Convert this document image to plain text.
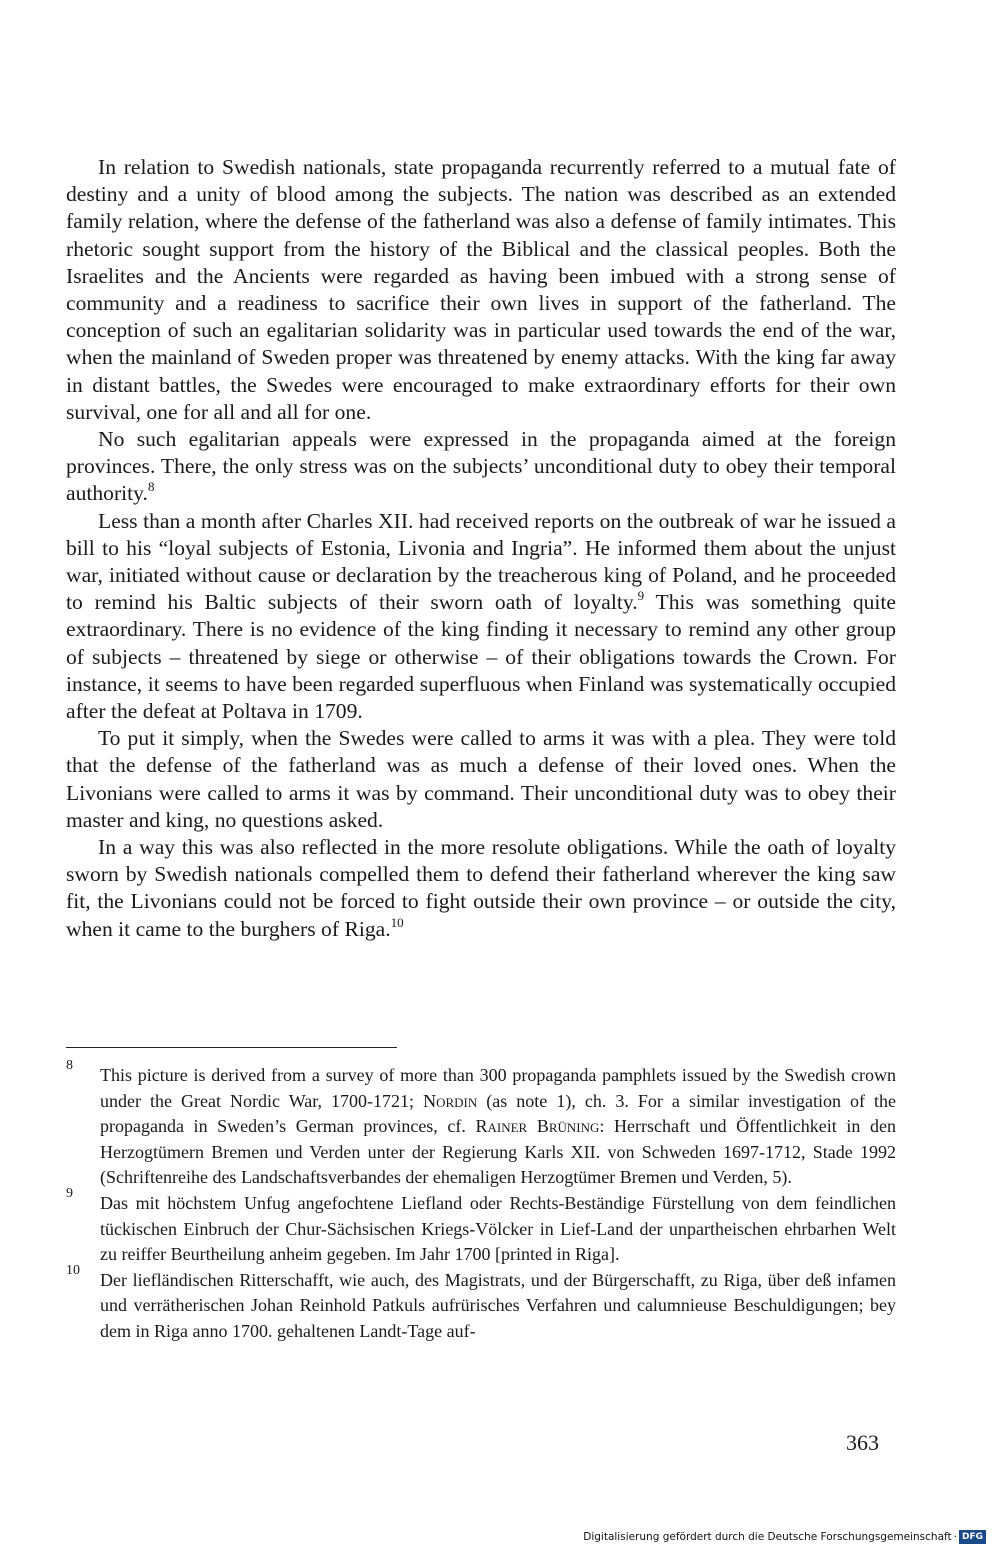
In relation to Swedish nationals, state propaganda recurrently referred to a mutual fate of destiny and a unity of blood among the subjects. The nation was described as an extended family relation, where the defense of the fatherland was also a defense of family intimates. This rhetoric sought support from the history of the Biblical and the classical peoples. Both the Israelites and the Ancients were regarded as having been imbued with a strong sense of community and a readiness to sacrifice their own lives in support of the fatherland. The conception of such an egalitarian solidarity was in particular used towards the end of the war, when the mainland of Sweden proper was threatened by enemy attacks. With the king far away in distant battles, the Swedes were encouraged to make extraordinary efforts for their own survival, one for all and all for one.

No such egalitarian appeals were expressed in the propaganda aimed at the foreign provinces. There, the only stress was on the subjects’ unconditional duty to obey their temporal authority.$^8$

Less than a month after Charles XII. had received reports on the outbreak of war he issued a bill to his “loyal subjects of Estonia, Livonia and Ingria”. He informed them about the unjust war, initiated without cause or declaration by the treacherous king of Poland, and he proceeded to remind his Baltic subjects of their sworn oath of loyalty.$^9$ This was something quite extraordinary. There is no evidence of the king finding it necessary to remind any other group of subjects – threatened by siege or otherwise – of their obligations towards the Crown. For instance, it seems to have been regarded superfluous when Finland was systematically occupied after the defeat at Poltava in 1709.

To put it simply, when the Swedes were called to arms it was with a plea. They were told that the defense of the fatherland was as much a defense of their loved ones. When the Livonians were called to arms it was by command. Their unconditional duty was to obey their master and king, no questions asked.

In a way this was also reflected in the more resolute obligations. While the oath of loyalty sworn by Swedish nationals compelled them to defend their fatherland wherever the king saw fit, the Livonians could not be forced to fight outside their own province – or outside the city, when it came to the burghers of Riga.$^{10}$

8 This picture is derived from a survey of more than 300 propaganda pamphlets issued by the Swedish crown under the Great Nordic War, 1700-1721; Nordin (as note 1), ch. 3. For a similar investigation of the propaganda in Sweden’s German provinces, cf. Rainer Brüning: Herrschaft und Öffentlichkeit in den Herzogtümern Bremen und Verden unter der Regierung Karls XII. von Schweden 1697-1712, Stade 1992 (Schriftenreihe des Landschaftsverbandes der ehemaligen Herzogtümer Bremen und Verden, 5).

9 Das mit höchstem Unfug angefochtene Liefland oder Rechts-Beständige Fürstellung von dem feindlichen tückischen Einbruch der Chur-Sächsischen Kriegs-Völcker in Lief-Land der unpartheischen ehrbarhen Welt zu reiffer Beurtheilung anheim gegeben. Im Jahr 1700 [printed in Riga].

10 Der liefländischen Ritterschafft, wie auch, des Magistrats, und der Bürgerschafft, zu Riga, über deß infamen und verrätherischen Johan Reinhold Patkuls aufrürisches Verfahren und calumnieuse Beschuldigungen; bey dem in Riga anno 1700. gehaltenen Landt-Tage auf-

363
Digitalisierung gefördert durch die Deutsche Forschungsgemeinschaft · DFG
